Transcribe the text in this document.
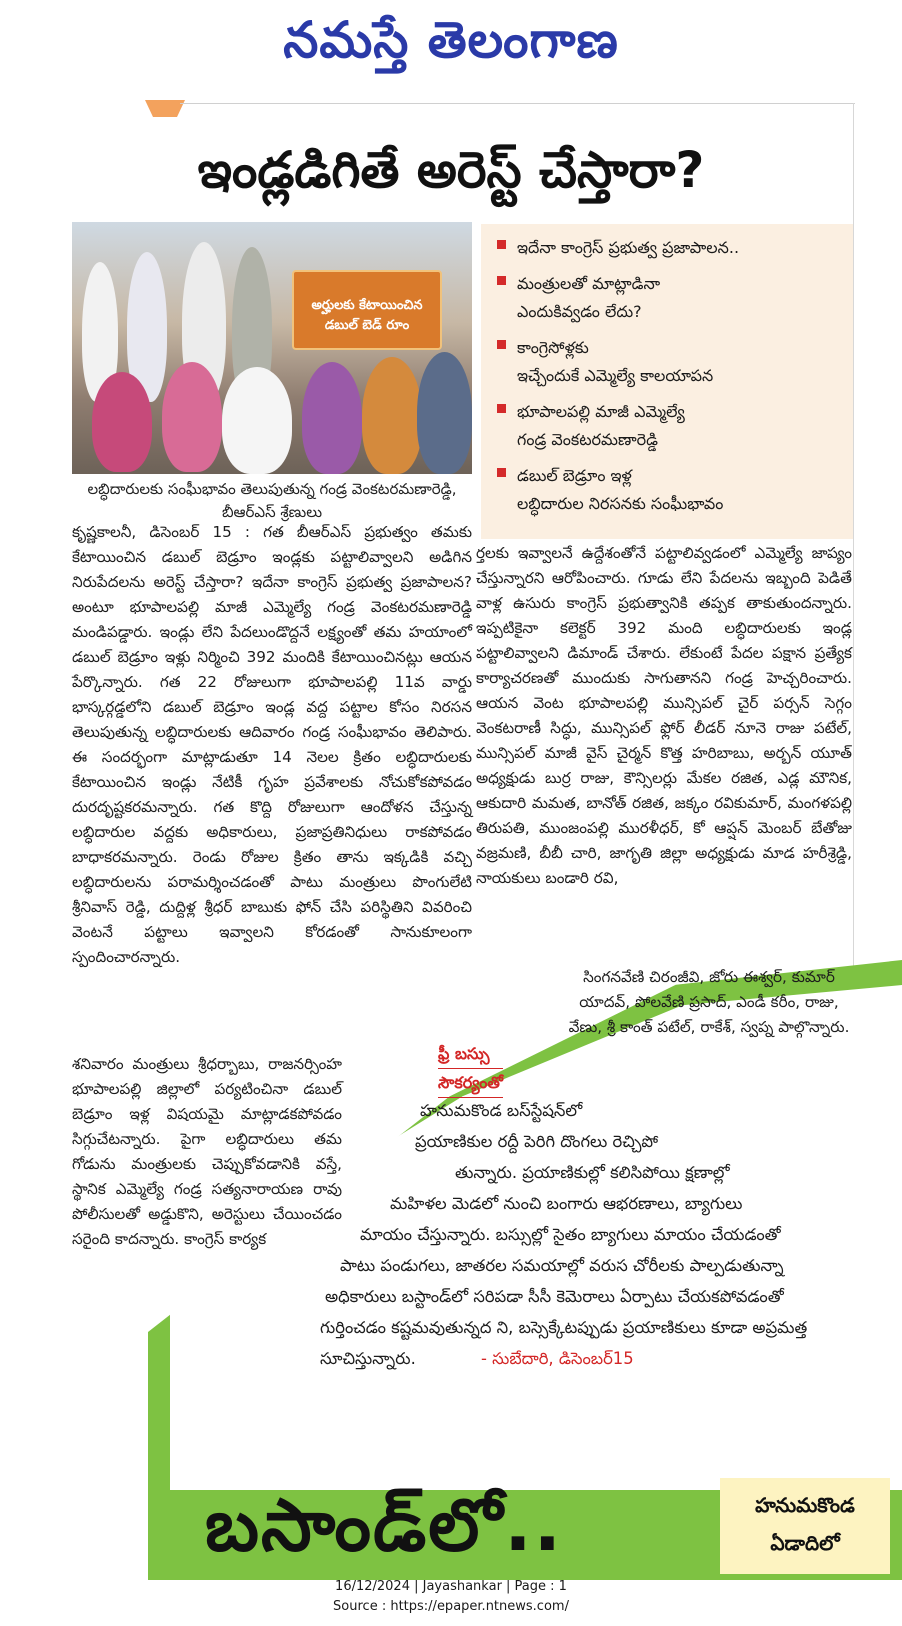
నమస్తే తెలంగాణ
ఇండ్లడిగితే అరెస్ట్ చేస్తారా?
అర్హులకు కేటాయించిన డబుల్ బెడ్ రూం
లబ్ధిదారులకు సంఘీభావం తెలుపుతున్న గండ్ర వెంకటరమణారెడ్డి, బీఆర్ఎస్ శ్రేణులు
ఇదేనా కాంగ్రెస్ ప్రభుత్వ ప్రజాపాలన..
మంత్రులతో మాట్లాడినా
ఎందుకివ్వడం లేదు?
కాంగ్రెసోళ్లకు
ఇచ్చేందుకే ఎమ్మెల్యే కాలయాపన
భూపాలపల్లి మాజీ ఎమ్మెల్యే
గండ్ర వెంకటరమణారెడ్డి
డబుల్ బెడ్రూం ఇళ్ల
లబ్ధిదారుల నిరసనకు సంఘీభావం

కృష్ణకాలనీ, డిసెంబర్ 15 : గత బీఆర్ఎస్ ప్రభుత్వం తమకు కేటాయించిన డబుల్ బెడ్రూం ఇండ్లకు పట్టాలివ్వాలని అడిగిన నిరుపేదలను అరెస్ట్ చేస్తారా? ఇదేనా కాంగ్రెస్ ప్రభుత్వ ప్రజాపాలన? అంటూ భూపాలపల్లి మాజీ ఎమ్మెల్యే గండ్ర వెంకటరమణారెడ్డి మండిపడ్డారు. ఇండ్లు లేని పేదలుండొద్దనే లక్ష్యంతో తమ హయాంలో డబుల్ బెడ్రూం ఇళ్లు నిర్మించి 392 మందికి కేటాయించినట్లు ఆయన పేర్కొన్నారు. గత 22 రోజులుగా భూపాలపల్లి 11వ వార్డు భాస్కర్గడ్డలోని డబుల్ బెడ్రూం ఇండ్ల వద్ద పట్టాల కోసం నిరసన తెలుపుతున్న లబ్ధిదారులకు ఆదివారం గండ్ర సంఘీభావం తెలిపారు. ఈ సందర్భంగా మాట్లాడుతూ 14 నెలల క్రితం లబ్ధిదారులకు కేటాయించిన ఇండ్లు నేటికీ గృహ ప్రవేశాలకు నోచుకోకపోవడం దురదృష్టకరమన్నారు. గత కొద్ది రోజులుగా ఆందోళన చేస్తున్న లబ్ధిదారుల వద్దకు అధికారులు, ప్రజాప్రతినిధులు రాకపోవడం బాధాకరమన్నారు. రెండు రోజుల క్రితం తాను ఇక్కడికి వచ్చి లబ్ధిదారులను పరామర్శించడంతో పాటు మంత్రులు పొంగులేటి శ్రీనివాస్ రెడ్డి, దుద్దిళ్ల శ్రీధర్ బాబుకు ఫోన్ చేసి పరిస్థితిని వివరించి వెంటనే పట్టాలు ఇవ్వాలని కోరడంతో సానుకూలంగా స్పందించారన్నారు.

ర్తలకు ఇవ్వాలనే ఉద్దేశంతోనే పట్టాలివ్వడంలో ఎమ్మెల్యే జాప్యం చేస్తున్నారని ఆరోపించారు. గూడు లేని పేదలను ఇబ్బంది పెడితే వాళ్ల ఉసురు కాంగ్రెస్ ప్రభుత్వానికి తప్పక తాకుతుందన్నారు. ఇప్పటికైనా కలెక్టర్ 392 మంది లబ్ధిదారులకు ఇండ్ల పట్టాలివ్వాలని డిమాండ్ చేశారు. లేకుంటే పేదల పక్షాన ప్రత్యేక కార్యాచరణతో ముందుకు సాగుతానని గండ్ర హెచ్చరించారు. ఆయన వెంట భూపాలపల్లి మున్సిపల్ చైర్ పర్సన్ సెగ్గం వెంకటరాణీ సిద్ధు, మున్సిపల్ ఫ్లోర్ లీడర్ నూనె రాజు పటేల్, మున్సిపల్ మాజీ వైస్ చైర్మన్ కొత్త హరిబాబు, అర్బన్ యూత్ అధ్యక్షుడు బుర్ర రాజు, కౌన్సిలర్లు మేకల రజిత, ఎడ్ల మౌనిక, ఆకుదారి మమత, బానోత్ రజిత, జక్కం రవికుమార్, మంగళపల్లి తిరుపతి, ముంజంపల్లి మురళీధర్, కో ఆప్షన్ మెంబర్ బేతోజు వజ్రమణి, బీబీ చారి, జాగృతి జిల్లా అధ్యక్షుడు మాడ హరీశ్రెడ్డి, నాయకులు బండారి రవి,

సింగనవేణి చిరంజీవి, జోరు ఈశ్వర్, కుమార్ యాదవ్, పోలవేణి ప్రసాద్, ఎండీ కరీం, రాజు, వేణు, శ్రీ కాంత్ పటేల్, రాకేశ్, స్వప్న పాల్గొన్నారు.

శనివారం మంత్రులు శ్రీధర్బాబు, రాజనర్సింహ భూపాలపల్లి జిల్లాలో పర్యటించినా డబుల్ బెడ్రూం ఇళ్ల విషయమై మాట్లాడకపోవడం సిగ్గుచేటన్నారు. పైగా లబ్ధిదారులు తమ గోడును మంత్రులకు చెప్పుకోవడానికి వస్తే, స్థానిక ఎమ్మెల్యే గండ్ర సత్యనారాయణ రావు పోలీసులతో అడ్డుకొని, అరెస్టులు చేయించడం సరైంది కాదన్నారు. కాంగ్రెస్ కార్యక

ఫ్రీ బస్సు
సౌకర్యంతో
హనుమకొండ బస్‌స్టేషన్‌లో
ప్రయాణికుల రద్దీ పెరిగి దొంగలు రెచ్చిపో
తున్నారు. ప్రయాణికుల్లో కలిసిపోయి క్షణాల్లో
మహిళల మెడలో నుంచి బంగారు ఆభరణాలు, బ్యాగులు
మాయం చేస్తున్నారు. బస్సుల్లో సైతం బ్యాగులు మాయం చేయడంతో
పాటు పండుగలు, జాతరల సమయాల్లో వరుస చోరీలకు పాల్పడుతున్నా
అధికారులు బస్టాండ్‌లో సరిపడా సీసీ కెమెరాలు ఏర్పాటు చేయకపోవడంతో
గుర్తించడం కష్టమవుతున్నద ని, బస్సెక్కేటప్పుడు ప్రయాణికులు కూడా అప్రమత్త
సూచిస్తున్నారు.	- సుబేదారి, డిసెంబర్15
బసాండ్‌లో..	హనుమకొండ
ఏడాదిలో
16/12/2024 | Jayashankar | Page : 1
Source : https://epaper.ntnews.com/
